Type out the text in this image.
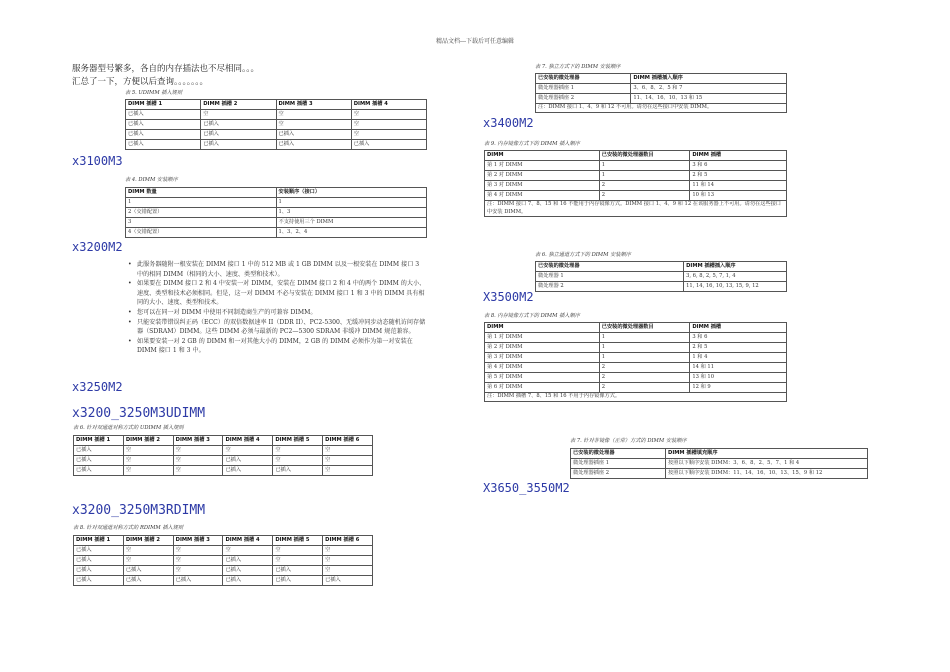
精品文档---下载后可任意编辑
服务器型号繁多，各自的内存插法也不尽相同。。。
汇总了一下，方便以后查询。。。。。。。
表 5. UDIMM 插入规则
DIMM 插槽 1	DIMM 插槽 2	DIMM 插槽 3	DIMM 插槽 4
已插入	空	空	空
已插入	已插入	空	空
已插入	已插入	已插入	空
已插入	已插入	已插入	已插入
x3100M3
表 4. DIMM 安装顺序
DIMM 数量	安装顺序（接口）
1	1
2（交错配置）	1、3
3	不支持使用三个 DIMM
4（交错配置）	1、3、2、4
x3200M2
• 此服务器随附一根安装在 DIMM 接口 1 中的 512 MB 或 1 GB DIMM 以及一根安装在 DIMM 接口 3 中的相同 DIMM（相同的大小、速度、类型和技术）。
• 如果要在 DIMM 接口 2 和 4 中安装一对 DIMM，安装在 DIMM 接口 2 和 4 中的两个 DIMM 的大小、速度、类型和技术必须相同。但是，这一对 DIMM 不必与安装在 DIMM 接口 1 和 3 中的 DIMM 具有相同的大小、速度、类型和技术。
• 您可以在同一对 DIMM 中使用不同制造商生产的可兼容 DIMM。
• 只能安装带错误纠正码（ECC）的双倍数据速率 II（DDR II）、PC2-5300、无缓冲同步动态随机访问存储器（SDRAM）DIMM。这些 DIMM 必须与最新的 PC2—5300 SDRAM 非缓冲 DIMM 规范兼容。
• 如果要安装一对 2 GB 的 DIMM 和一对其他大小的 DIMM，2 GB 的 DIMM 必须作为第一对安装在 DIMM 接口 1 和 3 中。
x3250M2
x3200_3250M3UDIMM
表 6. 针对双通道对称方式的 UDIMM 插入规则
DIMM 插槽 1	DIMM 插槽 2	DIMM 插槽 3	DIMM 插槽 4	DIMM 插槽 5	DIMM 插槽 6
已插入	空	空	空	空	空
已插入	空	空	已插入	空	空
已插入	空	空	已插入	已插入	空
x3200_3250M3RDIMM
表 8. 针对双通道对称方式的 RDIMM 插入规则
DIMM 插槽 1	DIMM 插槽 2	DIMM 插槽 3	DIMM 插槽 4	DIMM 插槽 5	DIMM 插槽 6
已插入	空	空	空	空	空
已插入	空	空	已插入	空	空
已插入	已插入	空	已插入	已插入	空
已插入	已插入	已插入	已插入	已插入	已插入
表 7. 独立方式下的 DIMM 安装顺序
已安装的微处理器	DIMM 插槽插入顺序
微处理器插座 1	3、6、8、2、5 和 7
微处理器插座 2	11、14、16、10、13 和 15
注：DIMM 接口 1、4、9 和 12 不可用。请勿在这些接口中安装 DIMM。	
x3400M2
表 9. 内存镜像方式下的 DIMM 插入顺序
DIMM	已安装的微处理器数目	DIMM 插槽
第 1 对 DIMM	1	3 和 6
第 2 对 DIMM	1	2 和 5
第 3 对 DIMM	2	11 和 14
第 4 对 DIMM	2	10 和 13
注：DIMM 接口 7、8、15 和 16 不能用于内存镜像方式。DIMM 接口 1、4、9 和 12 在该服务器上不可用。请勿在这些接口中安装 DIMM。		
表 6. 独立通道方式下的 DIMM 安装顺序
已安装的微处理器	DIMM 插槽插入顺序
微处理器 1	3, 6, 8, 2, 5, 7, 1, 4
微处理器 2	11, 14, 16, 10, 13, 15, 9, 12
X3500M2
表 8. 内存镜像方式下的 DIMM 插入顺序
DIMM	已安装的微处理器数目	DIMM 插槽
第 1 对 DIMM	1	3 和 6
第 2 对 DIMM	1	2 和 5
第 3 对 DIMM	1	1 和 4
第 4 对 DIMM	2	14 和 11
第 5 对 DIMM	2	13 和 10
第 6 对 DIMM	2	12 和 9
注：DIMM 插槽 7、8、15 和 16 不用于内存镜像方式。		
表 7. 针对非镜像（正常）方式的 DIMM 安装顺序
已安装的微处理器	DIMM 插槽填充顺序
微处理器插座 1	按照以下顺序安装 DIMM：3、6、8、2、5、7、1 和 4
微处理器插座 2	按照以下顺序安装 DIMM：11、14、16、10、13、15、9 和 12
X3650_3550M2
